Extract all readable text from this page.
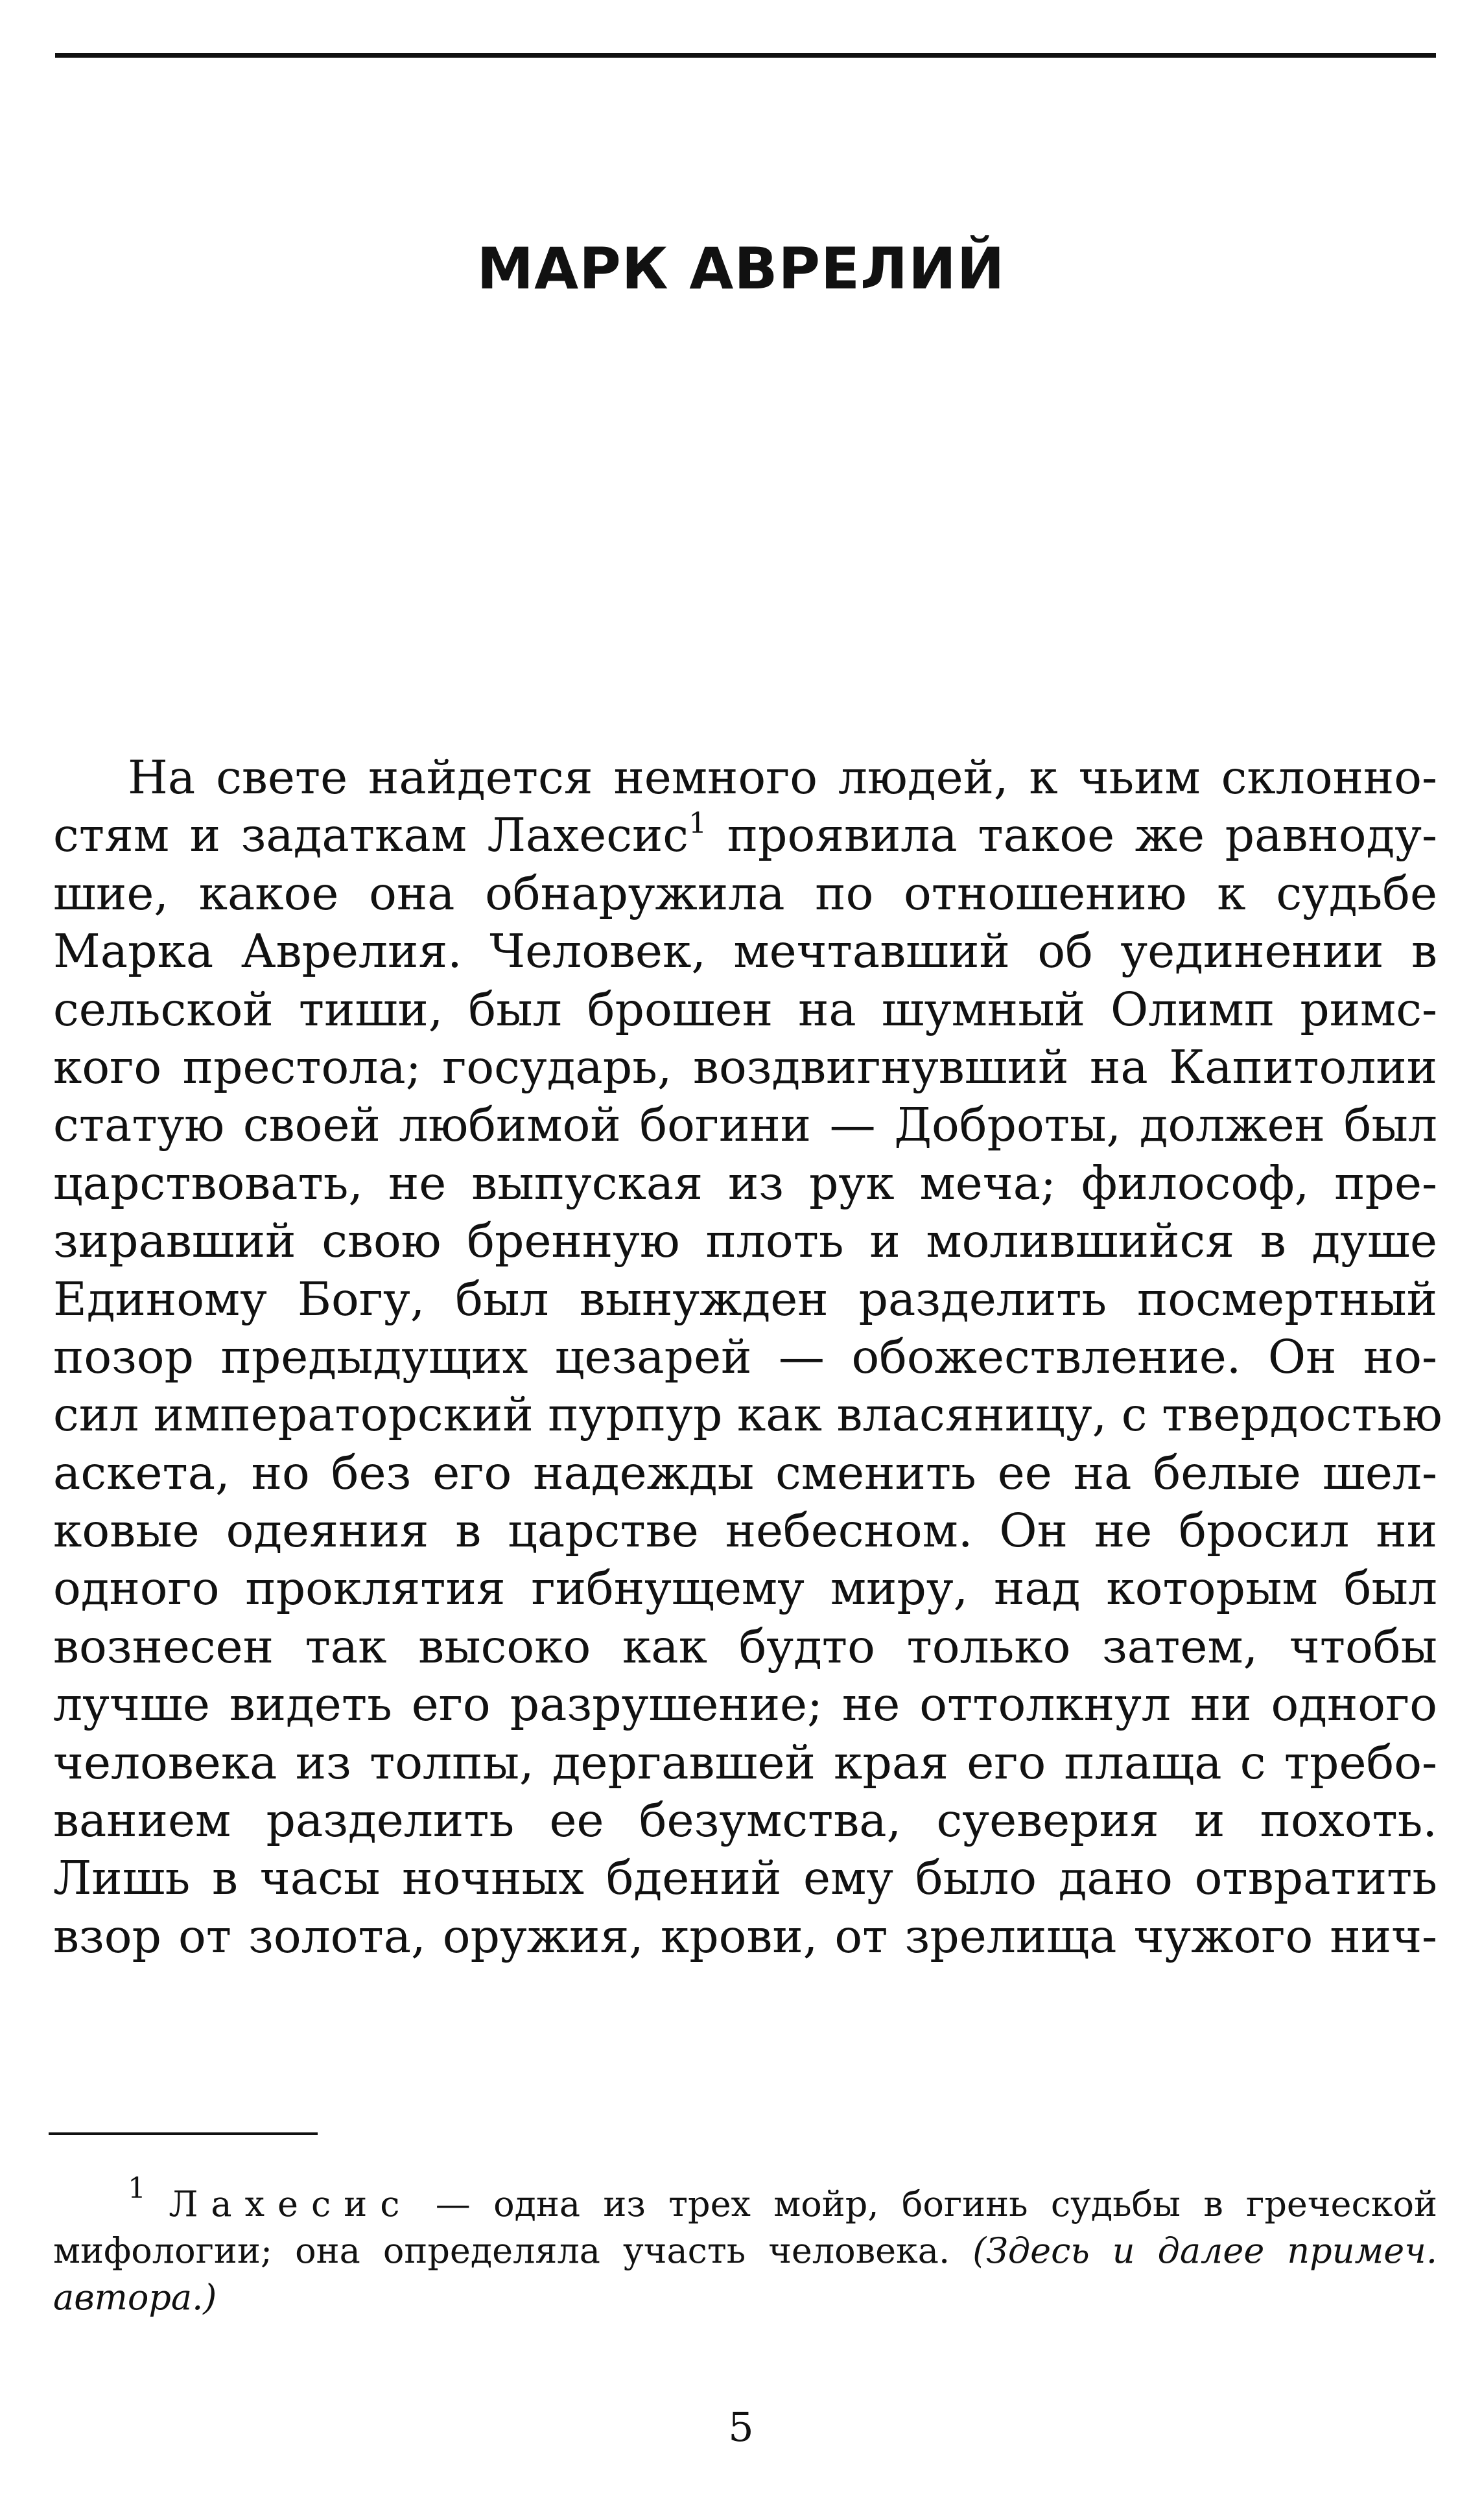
МАРК АВРЕЛИЙ
На свете найдется немного людей, к чьим склонно-
стям и задаткам Лахесис$^1$ проявила такое же равноду-
шие, какое она обнаружила по отношению к судьбе
Марка Аврелия. Человек, мечтавший об уединении в
сельской тиши, был брошен на шумный Олимп римс-
кого престола; государь, воздвигнувший на Капитолии
статую своей любимой богини — Доброты, должен был
царствовать, не выпуская из рук меча; философ, пре-
зиравший свою бренную плоть и молившийся в душе
Единому Богу, был вынужден разделить посмертный
позор предыдущих цезарей — обожествление. Он но-
сил императорский пурпур как власяницу, с твердостью
аскета, но без его надежды сменить ее на белые шел-
ковые одеяния в царстве небесном. Он не бросил ни
одного проклятия гибнущему миру, над которым был
вознесен так высоко как будто только затем, чтобы
лучше видеть его разрушение; не оттолкнул ни одного
человека из толпы, дергавшей края его плаща с требо-
ванием разделить ее безумства, суеверия и похоть.
Лишь в часы ночных бдений ему было дано отвратить
взор от золота, оружия, крови, от зрелища чужого нич-
$^1$ Лахесис — одна из трех мойр, богинь судьбы в греческой
мифологии; она определяла участь человека. (Здесь и далее примеч.
автора.)
5
